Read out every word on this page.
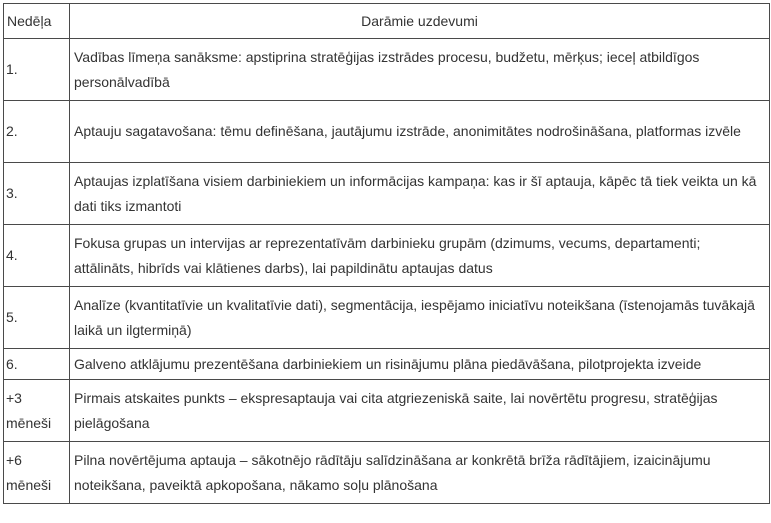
Nedēļa	Darāmie uzdevumi
1.	Vadības līmeņa sanāksme: apstiprina stratēģijas izstrādes procesu, budžetu, mērķus; ieceļ atbildīgos personālvadībā
2.	Aptauju sagatavošana: tēmu definēšana, jautājumu izstrāde, anonimitātes nodrošināšana, platformas izvēle
3.	Aptaujas izplatīšana visiem darbiniekiem un informācijas kampaņa: kas ir šī aptauja, kāpēc tā tiek veikta un kā dati tiks izmantoti
4.	Fokusa grupas un intervijas ar reprezentatīvām darbinieku grupām (dzimums, vecums, departamenti; attālināts, hibrīds vai klātienes darbs), lai papildinātu aptaujas datus
5.	Analīze (kvantitatīvie un kvalitatīvie dati), segmentācija, iespējamo iniciatīvu noteikšana (īstenojamās tuvākajā laikā un ilgtermiņā)
6.	Galveno atklājumu prezentēšana darbiniekiem un risinājumu plāna piedāvāšana, pilotprojekta izveide
+3 mēneši	Pirmais atskaites punkts – ekspresaptauja vai cita atgriezeniskā saite, lai novērtētu progresu, stratēģijas pielāgošana
+6 mēneši	Pilna novērtējuma aptauja – sākotnējo rādītāju salīdzināšana ar konkrētā brīža rādītājiem, izaicinājumu noteikšana, paveiktā apkopošana, nākamo soļu plānošana
